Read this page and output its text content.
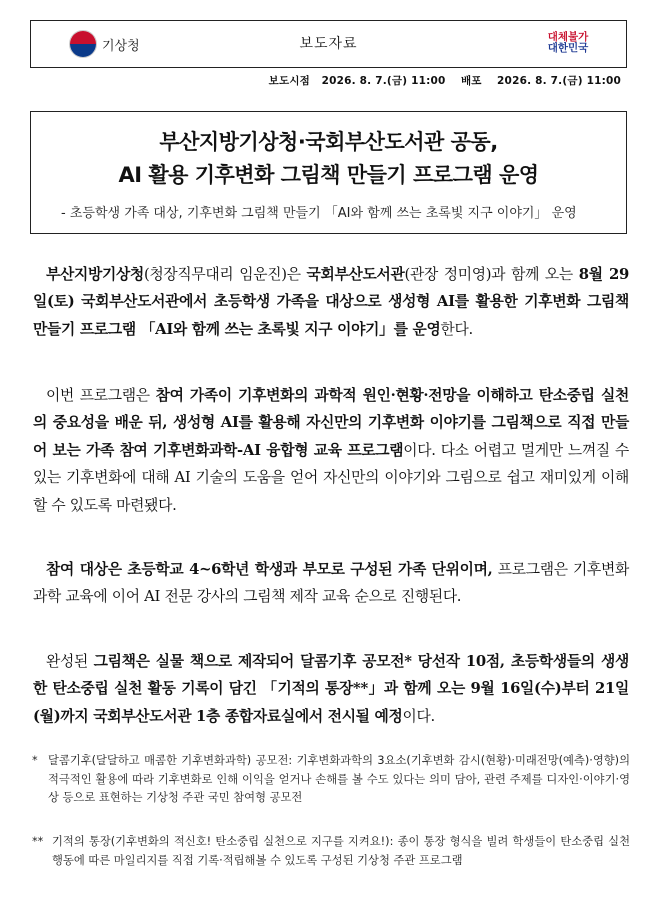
기상청	보도자료	대체불가
대한민국
보도시점   2026. 8. 7.(금) 11:00    배포    2026. 8. 7.(금) 11:00
부산지방기상청·국회부산도서관 공동,
AI 활용 기후변화 그림책 만들기 프로그램 운영
- 초등학생 가족 대상, 기후변화 그림책 만들기 「AI와 함께 쓰는 초록빛 지구 이야기」 운영
부산지방기상청(청장직무대리 임운진)은 국회부산도서관(관장 정미영)과 함께 오는 8월 29일(토) 국회부산도서관에서 초등학생 가족을 대상으로 생성형 AI를 활용한 기후변화 그림책 만들기 프로그램 「AI와 함께 쓰는 초록빛 지구 이야기」를 운영한다.
이번 프로그램은 참여 가족이 기후변화의 과학적 원인·현황·전망을 이해하고 탄소중립 실천의 중요성을 배운 뒤, 생성형 AI를 활용해 자신만의 기후변화 이야기를 그림책으로 직접 만들어 보는 가족 참여 기후변화과학-AI 융합형 교육 프로그램이다. 다소 어렵고 멀게만 느껴질 수 있는 기후변화에 대해 AI 기술의 도움을 얻어 자신만의 이야기와 그림으로 쉽고 재미있게 이해할 수 있도록 마련됐다.
참여 대상은 초등학교 4~6학년 학생과 부모로 구성된 가족 단위이며, 프로그램은 기후변화과학 교육에 이어 AI 전문 강사의 그림책 제작 교육 순으로 진행된다.
완성된 그림책은 실물 책으로 제작되어 달콤기후 공모전* 당선작 10점, 초등학생들의 생생한 탄소중립 실천 활동 기록이 담긴 「기적의 통장**」과 함께 오는 9월 16일(수)부터 21일(월)까지 국회부산도서관 1층 종합자료실에서 전시될 예정이다.
* 달콤기후(달달하고 매콤한 기후변화과학) 공모전: 기후변화과학의 3요소(기후변화 감시(현황)·미래전망(예측)·영향)의 적극적인 활용에 따라 기후변화로 인해 이익을 얻거나 손해를 볼 수도 있다는 의미 담아, 관련 주제를 디자인·이야기·영상 등으로 표현하는 기상청 주관 국민 참여형 공모전
** 기적의 통장(기후변화의 적신호! 탄소중립 실천으로 지구를 지켜요!): 종이 통장 형식을 빌려 학생들이 탄소중립 실천 행동에 따른 마일리지를 직접 기록·적립해볼 수 있도록 구성된 기상청 주관 프로그램
